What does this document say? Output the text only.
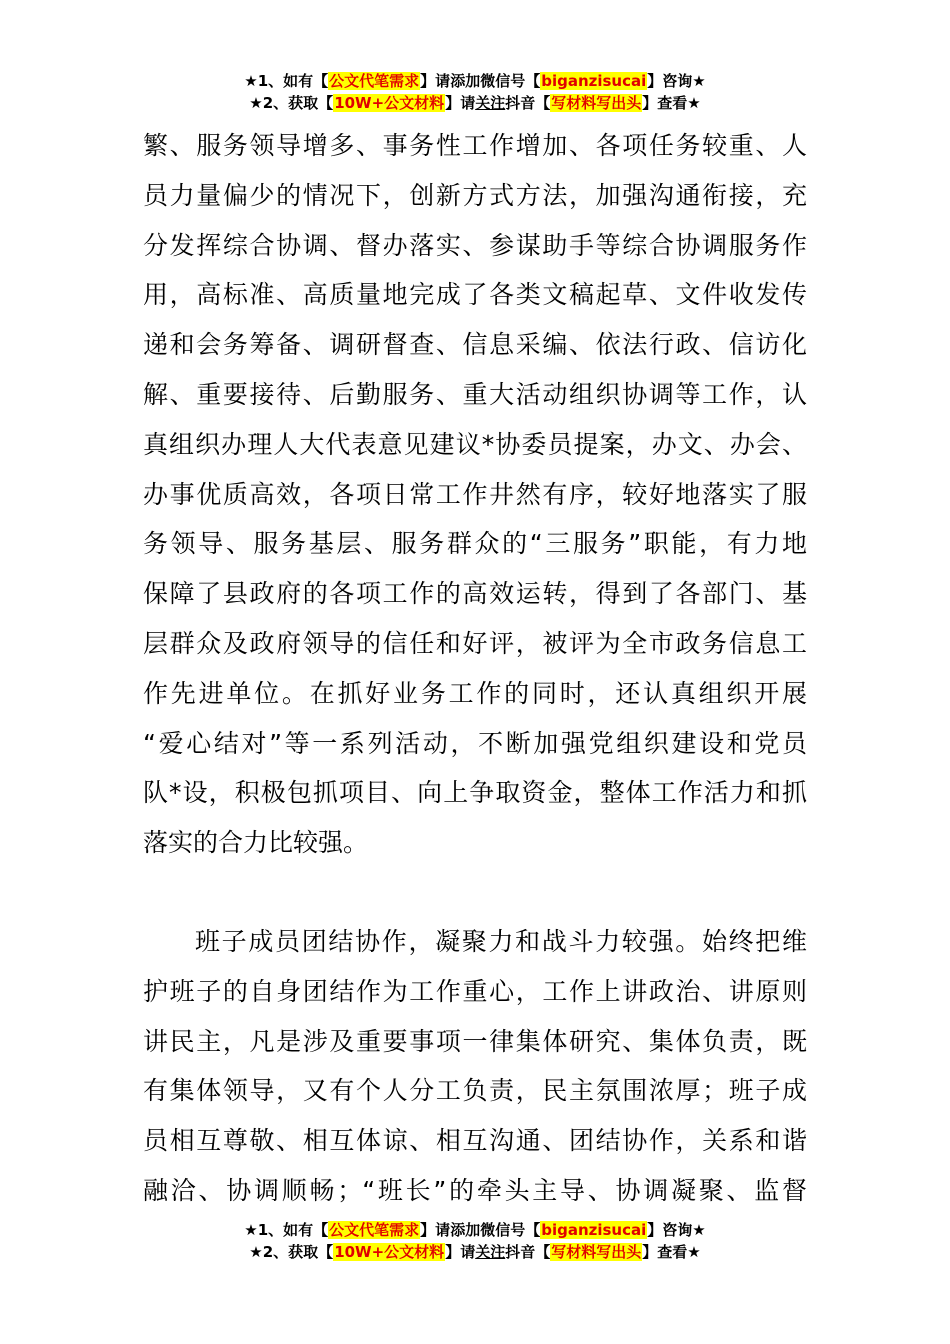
★1、如有【公文代笔需求】请添加微信号【biganzisucai】咨询★
★2、获取【10W+公文材料】请关注抖音【写材料写出头】查看★
繁、服务领导增多、事务性工作增加、各项任务较重、人
员力量偏少的情况下，创新方式方法，加强沟通衔接，充
分发挥综合协调、督办落实、参谋助手等综合协调服务作
用，高标准、高质量地完成了各类文稿起草、文件收发传
递和会务筹备、调研督查、信息采编、依法行政、信访化
解、重要接待、后勤服务、重大活动组织协调等工作，认
真组织办理人大代表意见建议*协委员提案，办文、办会、
办事优质高效，各项日常工作井然有序，较好地落实了服
务领导、服务基层、服务群众的“三服务”职能，有力地
保障了县政府的各项工作的高效运转，得到了各部门、基
层群众及政府领导的信任和好评，被评为全市政务信息工
作先进单位。在抓好业务工作的同时，还认真组织开展
“爱心结对”等一系列活动，不断加强党组织建设和党员
队*设，积极包抓项目、向上争取资金，整体工作活力和抓
落实的合力比较强。
班子成员团结协作，凝聚力和战斗力较强。始终把维
护班子的自身团结作为工作重心，工作上讲政治、讲原则
讲民主，凡是涉及重要事项一律集体研究、集体负责，既
有集体领导，又有个人分工负责，民主氛围浓厚；班子成
员相互尊敬、相互体谅、相互沟通、团结协作，关系和谐
融洽、协调顺畅；“班长”的牵头主导、协调凝聚、监督
★1、如有【公文代笔需求】请添加微信号【biganzisucai】咨询★
★2、获取【10W+公文材料】请关注抖音【写材料写出头】查看★
